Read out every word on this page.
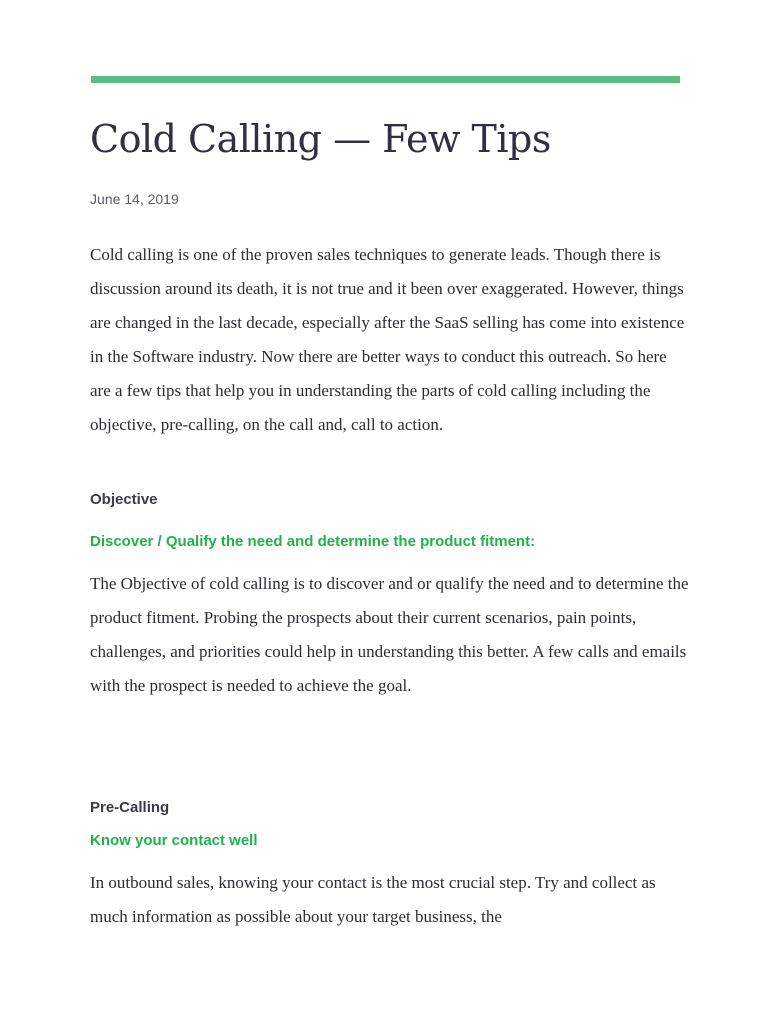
Cold Calling — Few Tips
June 14, 2019

Cold calling is one of the proven sales techniques to generate leads. Though there is discussion around its death, it is not true and it been over exaggerated. However, things are changed in the last decade, especially after the SaaS selling has come into existence in the Software industry. Now there are better ways to conduct this outreach. So here are a few tips that help you in understanding the parts of cold calling including the objective, pre-calling, on the call and, call to action.

Objective
Discover / Qualify the need and determine the product fitment:

The Objective of cold calling is to discover and or qualify the need and to determine the product fitment. Probing the prospects about their current scenarios, pain points, challenges, and priorities could help in understanding this better. A few calls and emails with the prospect is needed to achieve the goal.

Pre-Calling
Know your contact well

In outbound sales, knowing your contact is the most crucial step. Try and collect as much information as possible about your target business, the
